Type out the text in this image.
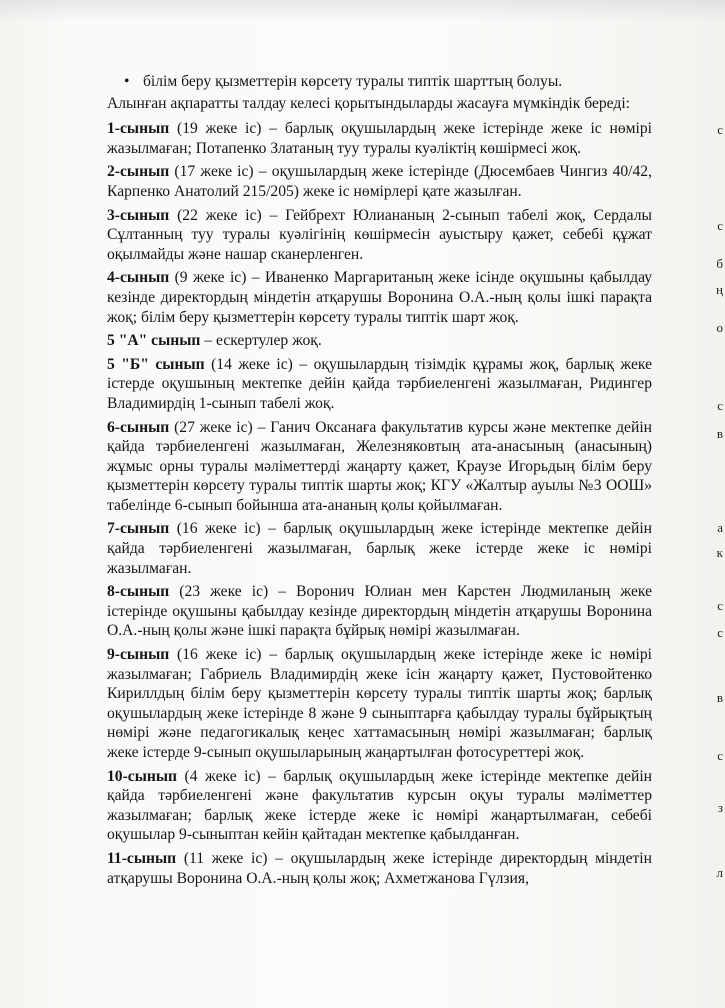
• білім беру қызметтерін көрсету туралы типтік шарттың болуы.

Алынған ақпаратты талдау келесі қорытындыларды жасауға мүмкіндік береді:

1-сынып (19 жеке іс) – барлық оқушылардың жеке істерінде жеке іс нөмірі жазылмаған; Потапенко Златаның туу туралы куәліктің көшірмесі жоқ.

2-сынып (17 жеке іс) – оқушылардың жеке істерінде (Дюсембаев Чингиз 40/42, Карпенко Анатолий 215/205) жеке іс нөмірлері қате жазылған.

3-сынып (22 жеке іс) – Гейбрехт Юлиананың 2-сынып табелі жоқ, Сердалы Сұлтанның туу туралы куәлігінің көшірмесін ауыстыру қажет, себебі құжат оқылмайды және нашар сканерленген.

4-сынып (9 жеке іс) – Иваненко Маргаританың жеке ісінде оқушыны қабылдау кезінде директордың міндетін атқарушы Воронина О.А.-ның қолы ішкі парақта жоқ; білім беру қызметтерін көрсету туралы типтік шарт жоқ.

5 "А" сынып – ескертулер жоқ.

5 "Б" сынып (14 жеке іс) – оқушылардың тізімдік құрамы жоқ, барлық жеке істерде оқушының мектепке дейін қайда тәрбиеленгені жазылмаған, Ридингер Владимирдің 1-сынып табелі жоқ.

6-сынып (27 жеке іс) – Ганич Оксанаға факультатив курсы және мектепке дейін қайда тәрбиеленгені жазылмаған, Железняковтың ата-анасының (анасының) жұмыс орны туралы мәліметтерді жаңарту қажет, Краузе Игорьдың білім беру қызметтерін көрсету туралы типтік шарты жоқ; КГУ «Жалтыр ауылы №3 ООШ» табелінде 6-сынып бойынша ата-ананың қолы қойылмаған.

7-сынып (16 жеке іс) – барлық оқушылардың жеке істерінде мектепке дейін қайда тәрбиеленгені жазылмаған, барлық жеке істерде жеке іс нөмірі жазылмаған.

8-сынып (23 жеке іс) – Воронич Юлиан мен Карстен Людмиланың жеке істерінде оқушыны қабылдау кезінде директордың міндетін атқарушы Воронина О.А.-ның қолы және ішкі парақта бұйрық нөмірі жазылмаған.

9-сынып (16 жеке іс) – барлық оқушылардың жеке істерінде жеке іс нөмірі жазылмаған; Габриель Владимирдің жеке ісін жаңарту қажет, Пустовойтенко Кириллдың білім беру қызметтерін көрсету туралы типтік шарты жоқ; барлық оқушылардың жеке істерінде 8 және 9 сыныптарға қабылдау туралы бұйрықтың нөмірі және педагогикалық кеңес хаттамасының нөмірі жазылмаған; барлық жеке істерде 9-сынып оқушыларының жаңартылған фотосуреттері жоқ.

10-сынып (4 жеке іс) – барлық оқушылардың жеке істерінде мектепке дейін қайда тәрбиеленгені және факультатив курсын оқуы туралы мәліметтер жазылмаған; барлық жеке істерде жеке іс нөмірі жаңартылмаған, себебі оқушылар 9-сыныптан кейін қайтадан мектепке қабылданған.

11-сынып (11 жеке іс) – оқушылардың жеке істерінде директордың міндетін атқарушы Воронина О.А.-ның қолы жоқ; Ахметжанова Гүлзия,

с
с
б
ң
о
с
в
а
к
с
с
в
с
з
л
